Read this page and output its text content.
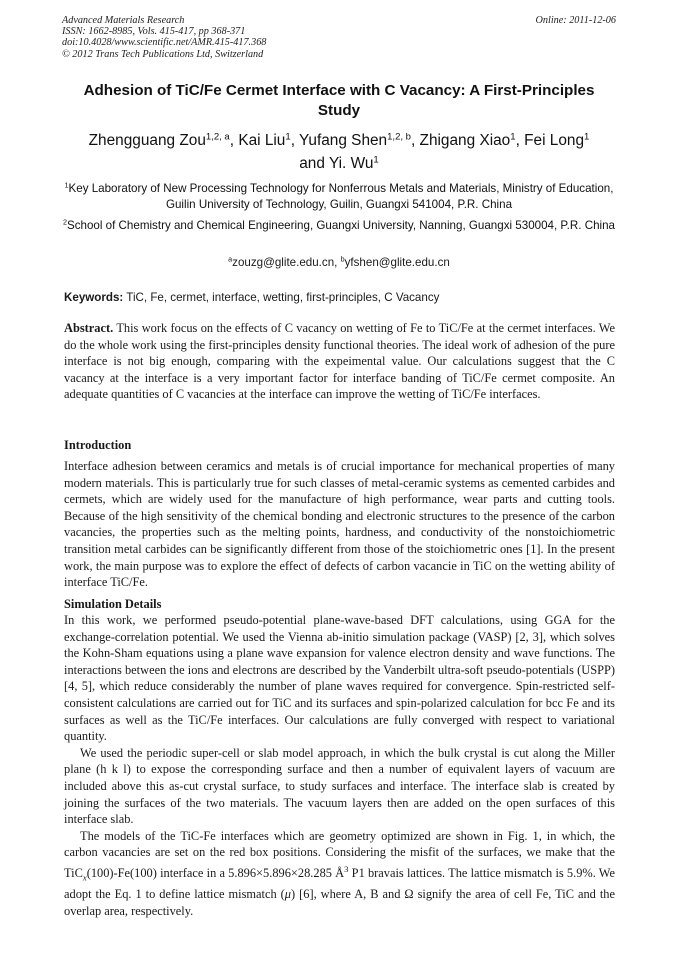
Advanced Materials Research
ISSN: 1662-8985, Vols. 415-417, pp 368-371
doi:10.4028/www.scientific.net/AMR.415-417.368
© 2012 Trans Tech Publications Ltd, Switzerland
Online: 2011-12-06
Adhesion of TiC/Fe Cermet Interface with C Vacancy: A First-Principles Study
Zhengguang Zou$^{1,2, a}$, Kai Liu$^1$, Yufang Shen$^{1,2, b}$, Zhigang Xiao$^1$, Fei Long$^1$
and Yi. Wu$^1$
$^1$Key Laboratory of New Processing Technology for Nonferrous Metals and Materials, Ministry of Education, Guilin University of Technology, Guilin, Guangxi 541004, P.R. China
$^2$School of Chemistry and Chemical Engineering, Guangxi University, Nanning, Guangxi 530004, P.R. China
$^a$zouzg@glite.edu.cn, $^b$yfshen@glite.edu.cn
Keywords: TiC, Fe, cermet, interface, wetting, first-principles, C Vacancy

Abstract. This work focus on the effects of C vacancy on wetting of Fe to TiC/Fe at the cermet interfaces. We do the whole work using the first-principles density functional theories. The ideal work of adhesion of the pure interface is not big enough, comparing with the expeimental value. Our calculations suggest that the C vacancy at the interface is a very important factor for interface banding of TiC/Fe cermet composite. An adequate quantities of C vacancies at the interface can improve the wetting of TiC/Fe interfaces.

Introduction

Interface adhesion between ceramics and metals is of crucial importance for mechanical properties of many modern materials. This is particularly true for such classes of metal-ceramic systems as cemented carbides and cermets, which are widely used for the manufacture of high performance, wear parts and cutting tools. Because of the high sensitivity of the chemical bonding and electronic structures to the presence of the carbon vacancies, the properties such as the melting points, hardness, and conductivity of the nonstoichiometric transition metal carbides can be significantly different from those of the stoichiometric ones [1]. In the present work, the main purpose was to explore the effect of defects of carbon vacancie in TiC on the wetting ability of interface TiC/Fe.

Simulation Details

In this work, we performed pseudo-potential plane-wave-based DFT calculations, using GGA for the exchange-correlation potential. We used the Vienna ab-initio simulation package (VASP) [2, 3], which solves the Kohn-Sham equations using a plane wave expansion for valence electron density and wave functions. The interactions between the ions and electrons are described by the Vanderbilt ultra-soft pseudo-potentials (USPP) [4, 5], which reduce considerably the number of plane waves required for convergence. Spin-restricted self-consistent calculations are carried out for TiC and its surfaces and spin-polarized calculation for bcc Fe and its surfaces as well as the TiC/Fe interfaces. Our calculations are fully converged with respect to variational quantity.

We used the periodic super-cell or slab model approach, in which the bulk crystal is cut along the Miller plane (h k l) to expose the corresponding surface and then a number of equivalent layers of vacuum are included above this as-cut crystal surface, to study surfaces and interface. The interface slab is created by joining the surfaces of the two materials. The vacuum layers then are added on the open surfaces of this interface slab.

The models of the TiC-Fe interfaces which are geometry optimized are shown in Fig. 1, in which, the carbon vacancies are set on the red box positions. Considering the misfit of the surfaces, we make that the TiC$_x$(100)-Fe(100) interface in a 5.896×5.896×28.285 $Å^3$ P1 bravais lattices. The lattice mismatch is 5.9%. We adopt the Eq. 1 to define lattice mismatch (μ) [6], where A, B and Ω signify the area of cell Fe, TiC and the overlap area, respectively.
